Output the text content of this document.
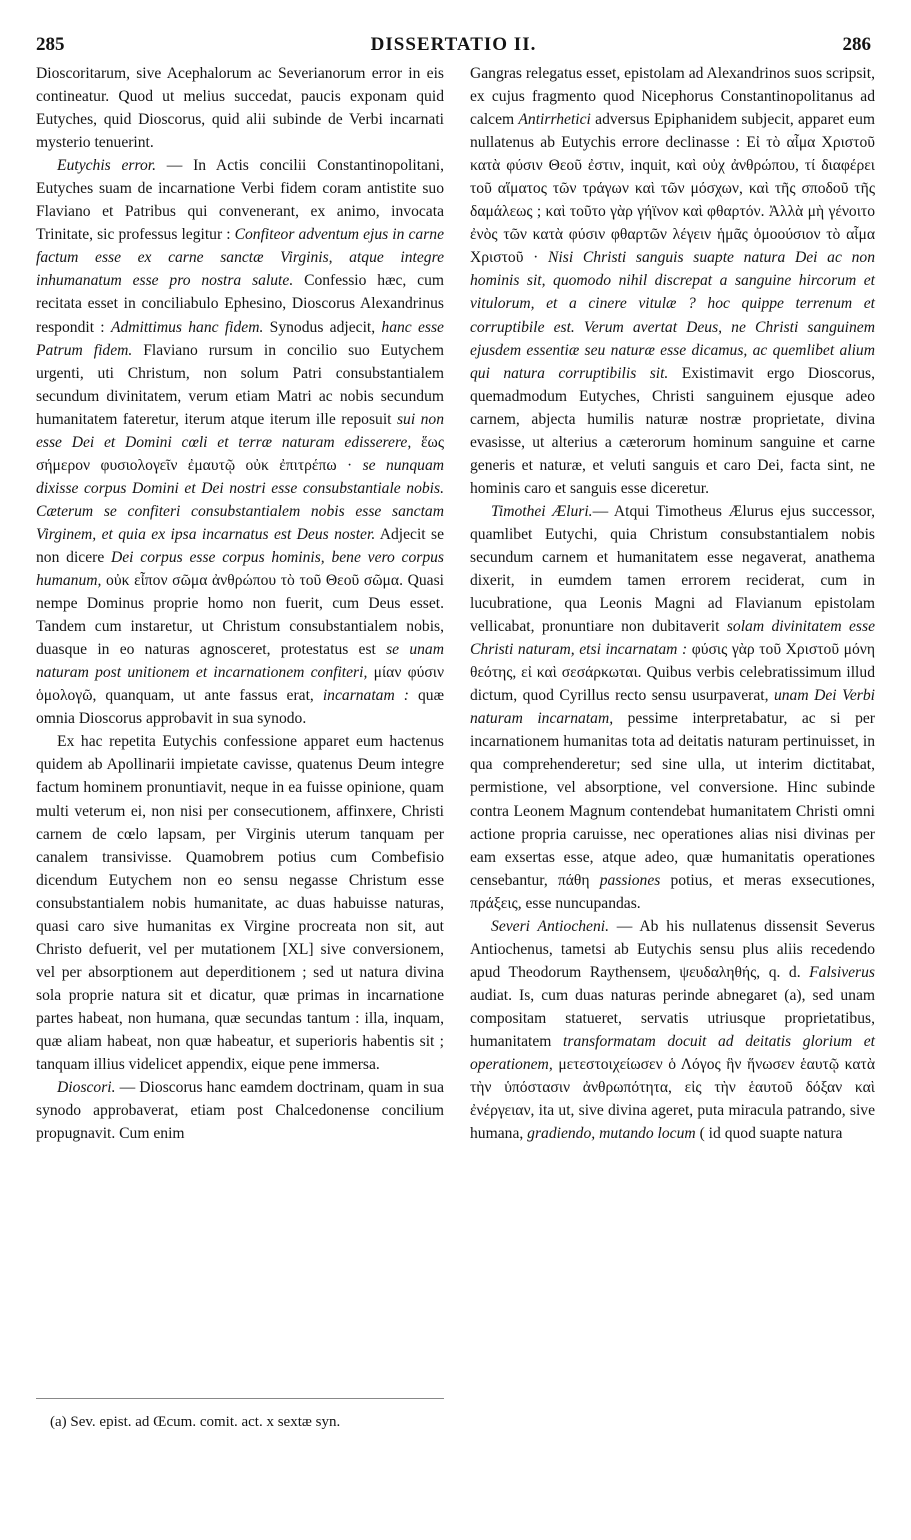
285	DISSERTATIO II.	286

Dioscoritarum, sive Acephalorum ac Severianorum error in eis contineatur. Quod ut melius succedat, paucis exponam quid Eutyches, quid Dioscorus, quid alii subinde de Verbi incarnati mysterio tenuerint.

Eutychis error. — In Actis concilii Constantinopolitani, Eutyches suam de incarnatione Verbi fidem coram antistite suo Flaviano et Patribus qui convenerant, ex animo, invocata Trinitate, sic professus legitur : Confiteor adventum ejus in carne factum esse ex carne sanctæ Virginis, atque integre inhumanatum esse pro nostra salute. Confessio hæc, cum recitata esset in conciliabulo Ephesino, Dioscorus Alexandrinus respondit : Admittimus hanc fidem. Synodus adjecit, hanc esse Patrum fidem. Flaviano rursum in concilio suo Eutychem urgenti, uti Christum, non solum Patri consubstantialem secundum divinitatem, verum etiam Matri ac nobis secundum humanitatem fateretur, iterum atque iterum ille reposuit sui non esse Dei et Domini cœli et terræ naturam edisserere, ἕως σήμερον φυσιολογεῖν ἐμαυτῷ οὐκ ἐπιτρέπω · se nunquam dixisse corpus Domini et Dei nostri esse consubstantiale nobis. Cæterum se confiteri consubstantialem nobis esse sanctam Virginem, et quia ex ipsa incarnatus est Deus noster. Adjecit se non dicere Dei corpus esse corpus hominis, bene vero corpus humanum, οὐκ εἶπον σῶμα ἀνθρώπου τὸ τοῦ Θεοῦ σῶμα. Quasi nempe Dominus proprie homo non fuerit, cum Deus esset. Tandem cum instaretur, ut Christum consubstantialem nobis, duasque in eo naturas agnosceret, protestatus est se unam naturam post unitionem et incarnationem confiteri, μίαν φύσιν ὁμολογῶ, quanquam, ut ante fassus erat, incarnatam : quæ omnia Dioscorus approbavit in sua synodo.

Ex hac repetita Eutychis confessione apparet eum hactenus quidem ab Apollinarii impietate cavisse, quatenus Deum integre factum hominem pronuntiavit, neque in ea fuisse opinione, quam multi veterum ei, non nisi per consecutionem, affinxere, Christi carnem de cœlo lapsam, per Virginis uterum tanquam per canalem transivisse. Quamobrem potius cum Combefisio dicendum Eutychem non eo sensu negasse Christum esse consubstantialem nobis humanitate, ac duas habuisse naturas, quasi caro sive humanitas ex Virgine procreata non sit, aut Christo defuerit, vel per mutationem [XL] sive conversionem, vel per absorptionem aut deperditionem ; sed ut natura divina sola proprie natura sit et dicatur, quæ primas in incarnatione partes habeat, non humana, quæ secundas tantum : illa, inquam, quæ aliam habeat, non quæ habeatur, et superioris habentis sit ; tanquam illius videlicet appendix, eique pene immersa.

Dioscori. — Dioscorus hanc eamdem doctrinam, quam in sua synodo approbaverat, etiam post Chalcedonense concilium propugnavit. Cum enim

Gangras relegatus esset, epistolam ad Alexandrinos suos scripsit, ex cujus fragmento quod Nicephorus Constantinopolitanus ad calcem Antirrhetici adversus Epiphanidem subjecit, apparet eum nullatenus ab Eutychis errore declinasse : Εἰ τὸ αἷμα Χριστοῦ κατὰ φύσιν Θεοῦ ἐστιν, inquit, καὶ οὐχ ἀνθρώπου, τί διαφέρει τοῦ αἵματος τῶν τράγων καὶ τῶν μόσχων, καὶ τῆς σποδοῦ τῆς δαμάλεως ; καὶ τοῦτο γὰρ γήϊνον καὶ φθαρτόν. Ἀλλὰ μὴ γένοιτο ἐνὸς τῶν κατὰ φύσιν φθαρτῶν λέγειν ἡμᾶς ὁμοούσιον τὸ αἷμα Χριστοῦ · Nisi Christi sanguis suapte natura Dei ac non hominis sit, quomodo nihil discrepat a sanguine hircorum et vitulorum, et a cinere vitulæ ? hoc quippe terrenum et corruptibile est. Verum avertat Deus, ne Christi sanguinem ejusdem essentiæ seu naturæ esse dicamus, ac quemlibet alium qui natura corruptibilis sit. Existimavit ergo Dioscorus, quemadmodum Eutyches, Christi sanguinem ejusque adeo carnem, abjecta humilis naturæ nostræ proprietate, divina evasisse, ut alterius a cæterorum hominum sanguine et carne generis et naturæ, et veluti sanguis et caro Dei, facta sint, ne hominis caro et sanguis esse diceretur.

Timothei Æluri.— Atqui Timotheus Ælurus ejus successor, quamlibet Eutychi, quia Christum consubstantialem nobis secundum carnem et humanitatem esse negaverat, anathema dixerit, in eumdem tamen errorem reciderat, cum in lucubratione, qua Leonis Magni ad Flavianum epistolam vellicabat, pronuntiare non dubitaverit solam divinitatem esse Christi naturam, etsi incarnatam : φύσις γὰρ τοῦ Χριστοῦ μόνη θεότης, εἰ καὶ σεσάρκωται. Quibus verbis celebratissimum illud dictum, quod Cyrillus recto sensu usurpaverat, unam Dei Verbi naturam incarnatam, pessime interpretabatur, ac si per incarnationem humanitas tota ad deitatis naturam pertinuisset, in qua comprehenderetur; sed sine ulla, ut interim dictitabat, permistione, vel absorptione, vel conversione. Hinc subinde contra Leonem Magnum contendebat humanitatem Christi omni actione propria caruisse, nec operationes alias nisi divinas per eam exsertas esse, atque adeo, quæ humanitatis operationes censebantur, πάθη passiones potius, et meras exsecutiones, πράξεις, esse nuncupandas.

Severi Antiocheni. — Ab his nullatenus dissensit Severus Antiochenus, tametsi ab Eutychis sensu plus aliis recedendo apud Theodorum Raythensem, ψευδαληθής, q. d. Falsiverus audiat. Is, cum duas naturas perinde abnegaret (a), sed unam compositam statueret, servatis utriusque proprietatibus, humanitatem transformatam docuit ad deitatis glorium et operationem, μετεστοιχείωσεν ὁ Λόγος ἣν ἥνωσεν ἑαυτῷ κατὰ τὴν ὑπόστασιν ἀνθρωπότητα, εἰς τὴν ἑαυτοῦ δόξαν καὶ ἐνέργειαν, ita ut, sive divina ageret, puta miracula patrando, sive humana, gradiendo, mutando locum ( id quod suapte natura

(a) Sev. epist. ad Œcum. comit. act. x sextæ syn.
